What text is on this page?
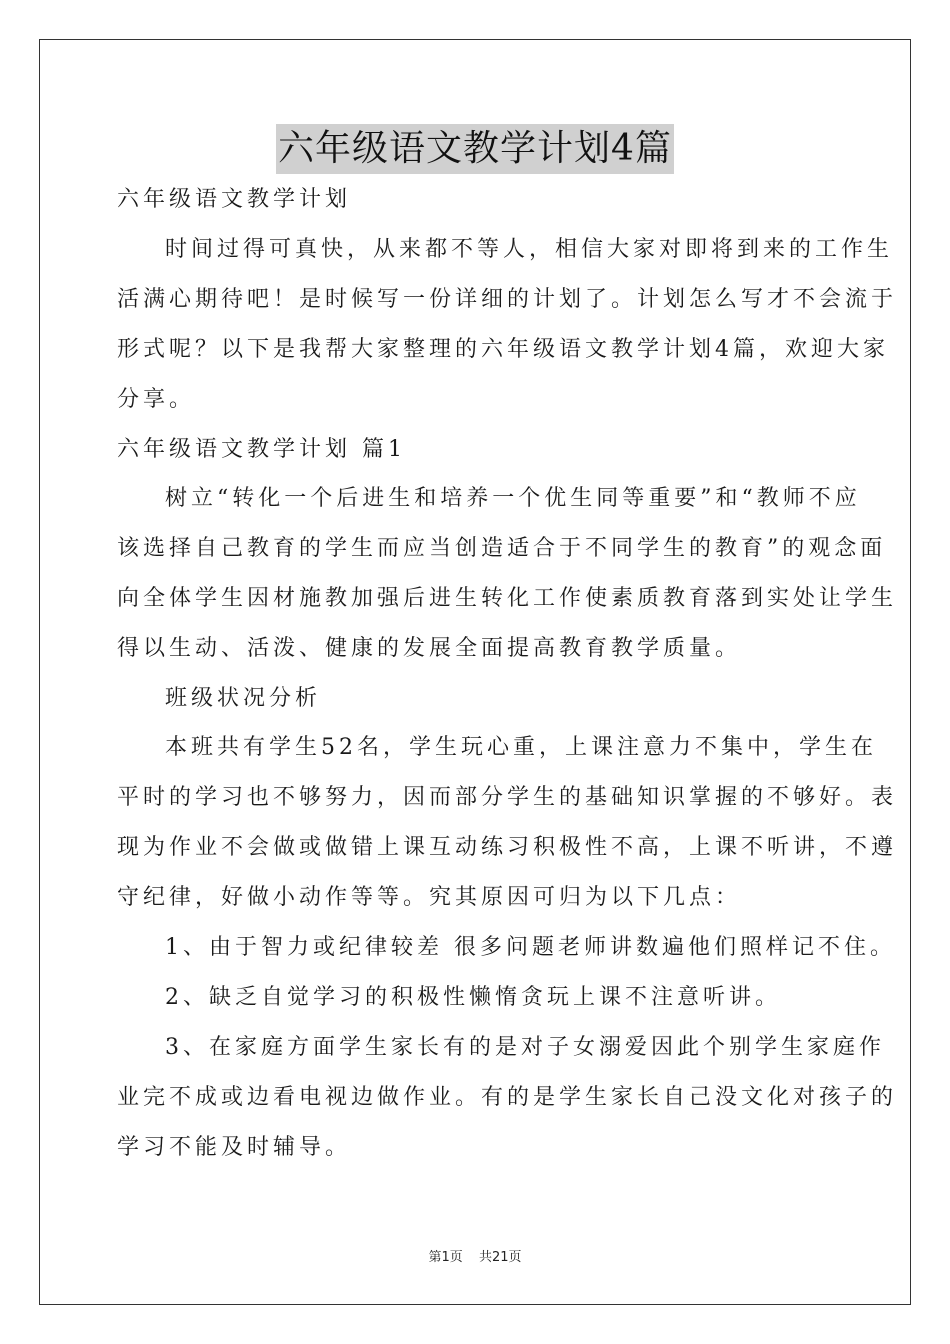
六年级语文教学计划4篇
六年级语文教学计划
时间过得可真快，从来都不等人，相信大家对即将到来的工作生
活满心期待吧！是时候写一份详细的计划了。计划怎么写才不会流于
形式呢？以下是我帮大家整理的六年级语文教学计划4篇，欢迎大家
分享。
六年级语文教学计划 篇1
树立“转化一个后进生和培养一个优生同等重要”和“教师不应
该选择自己教育的学生而应当创造适合于不同学生的教育”的观念面
向全体学生因材施教加强后进生转化工作使素质教育落到实处让学生
得以生动、活泼、健康的发展全面提高教育教学质量。
班级状况分析
本班共有学生52名，学生玩心重，上课注意力不集中，学生在
平时的学习也不够努力，因而部分学生的基础知识掌握的不够好。表
现为作业不会做或做错上课互动练习积极性不高，上课不听讲，不遵
守纪律，好做小动作等等。究其原因可归为以下几点：
1、由于智力或纪律较差 很多问题老师讲数遍他们照样记不住。
2、缺乏自觉学习的积极性懒惰贪玩上课不注意听讲。
3、在家庭方面学生家长有的是对子女溺爱因此个别学生家庭作
业完不成或边看电视边做作业。有的是学生家长自己没文化对孩子的
学习不能及时辅导。
第1页 共21页
